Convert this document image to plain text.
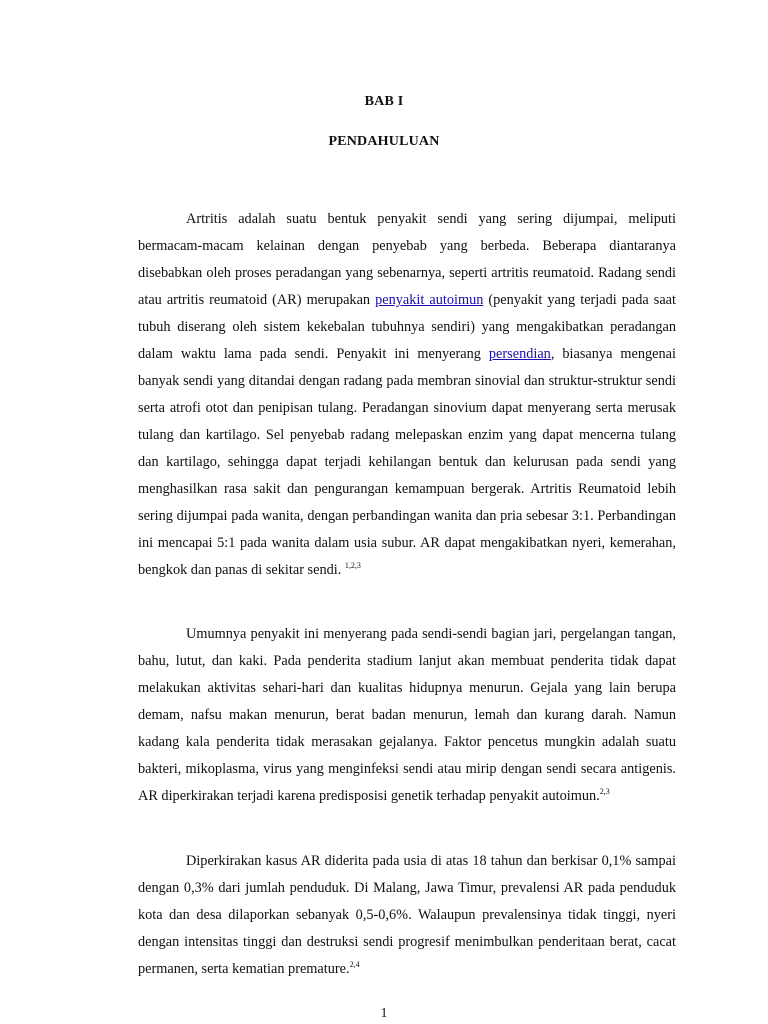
BAB I
PENDAHULUAN

Artritis adalah suatu bentuk penyakit sendi yang sering dijumpai, meliputi bermacam-macam kelainan dengan penyebab yang berbeda. Beberapa diantaranya disebabkan oleh proses peradangan yang sebenarnya, seperti artritis reumatoid. Radang sendi atau artritis reumatoid (AR) merupakan penyakit autoimun (penyakit yang terjadi pada saat tubuh diserang oleh sistem kekebalan tubuhnya sendiri) yang mengakibatkan peradangan dalam waktu lama pada sendi. Penyakit ini menyerang persendian, biasanya mengenai banyak sendi yang ditandai dengan radang pada membran sinovial dan struktur-struktur sendi serta atrofi otot dan penipisan tulang. Peradangan sinovium dapat menyerang serta merusak tulang dan kartilago. Sel penyebab radang melepaskan enzim yang dapat mencerna tulang dan kartilago, sehingga dapat terjadi kehilangan bentuk dan kelurusan pada sendi yang menghasilkan rasa sakit dan pengurangan kemampuan bergerak. Artritis Reumatoid lebih sering dijumpai pada wanita, dengan perbandingan wanita dan pria sebesar 3:1. Perbandingan ini mencapai 5:1 pada wanita dalam usia subur. AR dapat mengakibatkan nyeri, kemerahan, bengkok dan panas di sekitar sendi. $^{1,2,3}$

Umumnya penyakit ini menyerang pada sendi-sendi bagian jari, pergelangan tangan, bahu, lutut, dan kaki. Pada penderita stadium lanjut akan membuat penderita tidak dapat melakukan aktivitas sehari-hari dan kualitas hidupnya menurun. Gejala yang lain berupa demam, nafsu makan menurun, berat badan menurun, lemah dan kurang darah. Namun kadang kala penderita tidak merasakan gejalanya. Faktor pencetus mungkin adalah suatu bakteri, mikoplasma, virus yang menginfeksi sendi atau mirip dengan sendi secara antigenis. AR diperkirakan terjadi karena predisposisi genetik terhadap penyakit autoimun.$^{2,3}$

Diperkirakan kasus AR diderita pada usia di atas 18 tahun dan berkisar 0,1% sampai dengan 0,3% dari jumlah penduduk. Di Malang, Jawa Timur, prevalensi AR pada penduduk kota dan desa dilaporkan sebanyak 0,5-0,6%. Walaupun prevalensinya tidak tinggi, nyeri dengan intensitas tinggi dan destruksi sendi progresif menimbulkan penderitaan berat, cacat permanen, serta kematian premature.$^{2,4}$

1
